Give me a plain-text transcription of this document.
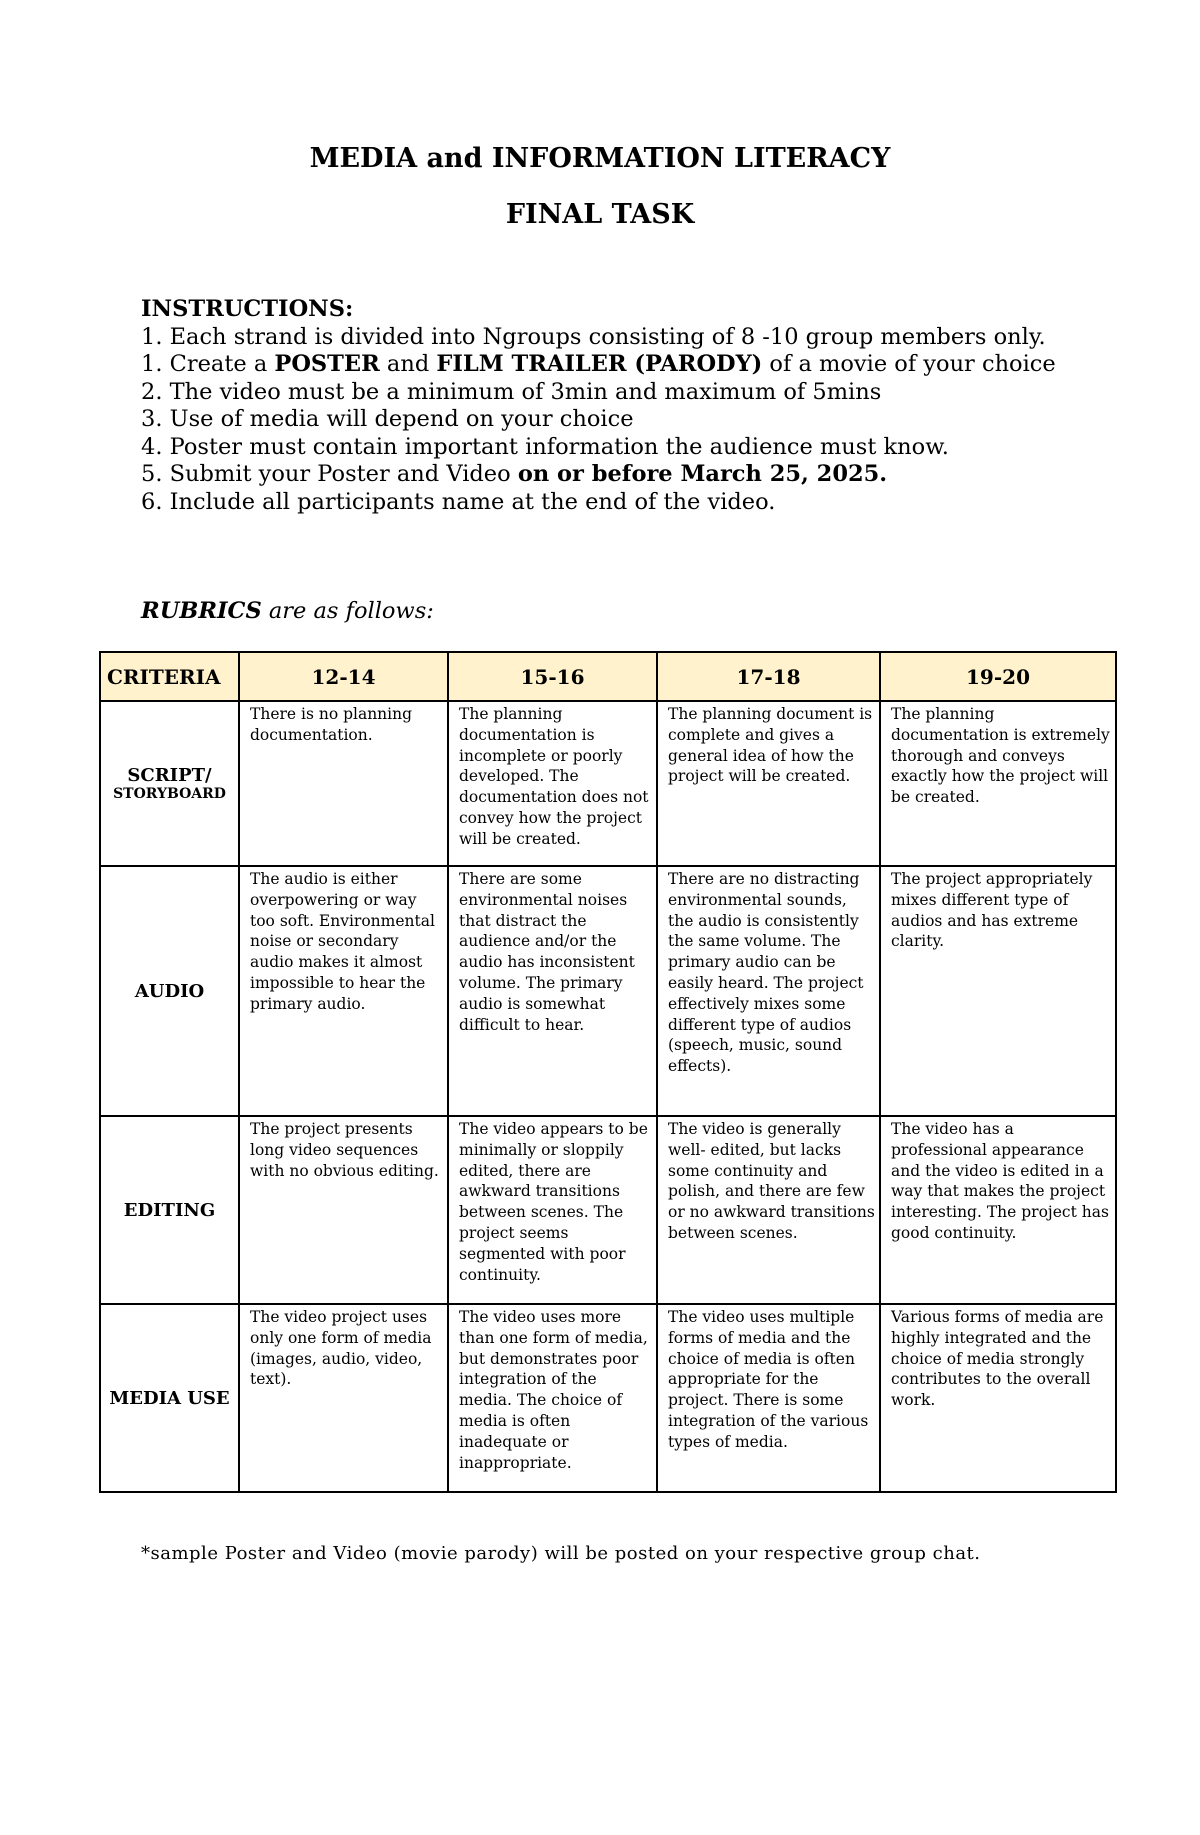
MEDIA and INFORMATION LITERACY
FINAL TASK
INSTRUCTIONS:
1. Each strand is divided into Ngroups consisting of 8 -10 group members only.
1. Create a POSTER and FILM TRAILER (PARODY) of a movie of your choice
2. The video must be a minimum of 3min and maximum of 5mins
3. Use of media will depend on your choice
4. Poster must contain important information the audience must know.
5. Submit your Poster and Video on or before March 25, 2025.
6. Include all participants name at the end of the video.
RUBRICS are as follows:
CRITERIA	12-14	15-16	17-18	19-20
SCRIPT/
STORYBOARD	There is no planning documentation.	The planning documentation is incomplete or poorly developed. The documentation does not convey how the project will be created.	The planning document is complete and gives a general idea of how the project will be created.	The planning documentation is extremely thorough and conveys exactly how the project will be created.
AUDIO	The audio is either overpowering or way too soft. Environmental noise or secondary audio makes it almost impossible to hear the primary audio.	There are some environmental noises that distract the audience and/or the audio has inconsistent volume. The primary audio is somewhat difficult to hear.	There are no distracting environmental sounds, the audio is consistently the same volume. The primary audio can be easily heard. The project effectively mixes some different type of audios (speech, music, sound effects).	The project appropriately mixes different type of audios and has extreme clarity.
EDITING	The project presents long video sequences with no obvious editing.	The video appears to be minimally or sloppily edited, there are awkward transitions between scenes. The project seems segmented with poor continuity.	The video is generally well- edited, but lacks some continuity and polish, and there are few or no awkward transitions between scenes.	The video has a professional appearance and the video is edited in a way that makes the project interesting. The project has good continuity.
MEDIA USE	The video project uses only one form of media (images, audio, video, text).	The video uses more than one form of media, but demonstrates poor integration of the media. The choice of media is often inadequate or inappropriate.	The video uses multiple forms of media and the choice of media is often appropriate for the project. There is some integration of the various types of media.	Various forms of media are highly integrated and the choice of media strongly contributes to the overall work.
*sample Poster and Video (movie parody) will be posted on your respective group chat.
